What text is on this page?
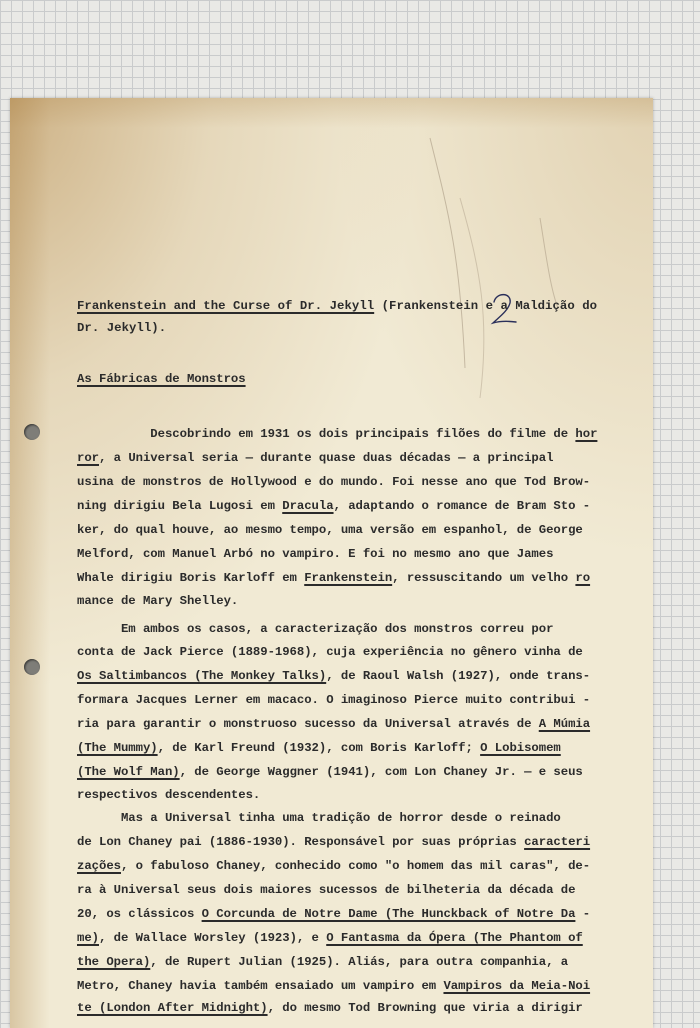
Frankenstein and the Curse of Dr. Jekyll (Frankenstein e a Maldição do
Dr. Jekyll).
As Fábricas de Monstros
Descobrindo em 1931 os dois principais filões do filme de hor
ror, a Universal seria — durante quase duas décadas — a principal
usina de monstros de Hollywood e do mundo. Foi nesse ano que Tod Brow-
ning dirigiu Bela Lugosi em Dracula, adaptando o romance de Bram Sto -
ker, do qual houve, ao mesmo tempo, uma versão em espanhol, de George
Melford, com Manuel Arbó no vampiro. E foi no mesmo ano que James
Whale dirigiu Boris Karloff em Frankenstein, ressuscitando um velho ro
mance de Mary Shelley.
Em ambos os casos, a caracterização dos monstros correu por
conta de Jack Pierce (1889-1968), cuja experiência no gênero vinha de
Os Saltimbancos (The Monkey Talks), de Raoul Walsh (1927), onde trans-
formara Jacques Lerner em macaco. O imaginoso Pierce muito contribui -
ria para garantir o monstruoso sucesso da Universal através de A Múmia
(The Mummy), de Karl Freund (1932), com Boris Karloff; O Lobisomem
(The Wolf Man), de George Waggner (1941), com Lon Chaney Jr. — e seus
respectivos descendentes.
Mas a Universal tinha uma tradição de horror desde o reinado
de Lon Chaney pai (1886-1930). Responsável por suas próprias caracteri
zações, o fabuloso Chaney, conhecido como "o homem das mil caras", de-
ra à Universal seus dois maiores sucessos de bilheteria da década de
20, os clássicos O Corcunda de Notre Dame (The Hunckback of Notre Da -
me), de Wallace Worsley (1923), e O Fantasma da Ópera (The Phantom of
the Opera), de Rupert Julian (1925). Aliás, para outra companhia, a
Metro, Chaney havia também ensaiado um vampiro em Vampiros da Meia-Noi
te (London After Midnight), do mesmo Tod Browning que viria a dirigir
